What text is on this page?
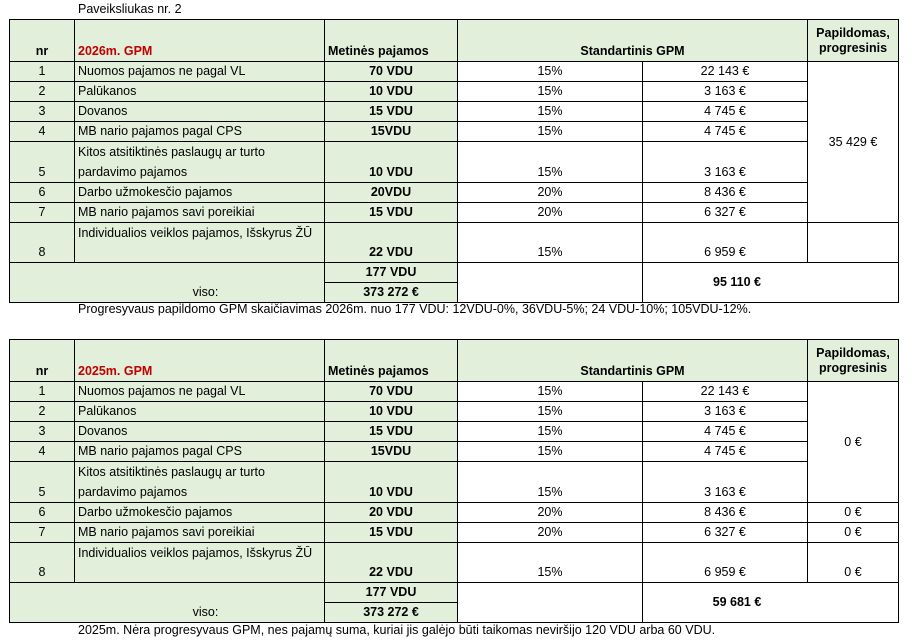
Paveiksliukas nr. 2
nr	2026m. GPM	Metinės pajamos	Standartinis GPM		Papildomas, progresinis
1	Nuomos pajamos ne pagal VL	70 VDU	15%	22 143 €	35 429 €
2	Palūkanos	10 VDU	15%	3 163 €	
3	Dovanos	15 VDU	15%	4 745 €	
4	MB nario pajamos pagal CPS	15VDU	15%	4 745 €	
5	Kitos atsitiktinės paslaugų ar turto pardavimo pajamos	10 VDU	15%	3 163 €	
6	Darbo užmokesčio pajamos	20VDU	20%	8 436 €	
7	MB nario pajamos savi poreikiai	15 VDU	20%	6 327 €	
8	Individualios veiklos pajamos, Išskyrus ŽŪ	22 VDU	15%	6 959 €	
viso:		177 VDU		95 110 €	
		373 272 €			
Progresyvaus papildomo GPM skaičiavimas 2026m. nuo 177 VDU: 12VDU-0%, 36VDU-5%; 24 VDU-10%; 105VDU-12%.
nr	2025m. GPM	Metinės pajamos	Standartinis GPM		Papildomas, progresinis
1	Nuomos pajamos ne pagal VL	70 VDU	15%	22 143 €	0 €
2	Palūkanos	10 VDU	15%	3 163 €	
3	Dovanos	15 VDU	15%	4 745 €	
4	MB nario pajamos pagal CPS	15VDU	15%	4 745 €	
5	Kitos atsitiktinės paslaugų ar turto pardavimo pajamos	10 VDU	15%	3 163 €	
6	Darbo užmokesčio pajamos	20 VDU	20%	8 436 €	0 €
7	MB nario pajamos savi poreikiai	15 VDU	20%	6 327 €	0 €
8	Individualios veiklos pajamos, Išskyrus ŽŪ	22 VDU	15%	6 959 €	0 €
viso:		177 VDU		59 681 €	
		373 272 €			
2025m. Nėra progresyvaus GPM, nes pajamų suma, kuriai jis galėjo būti taikomas neviršijo 120 VDU arba 60 VDU.
